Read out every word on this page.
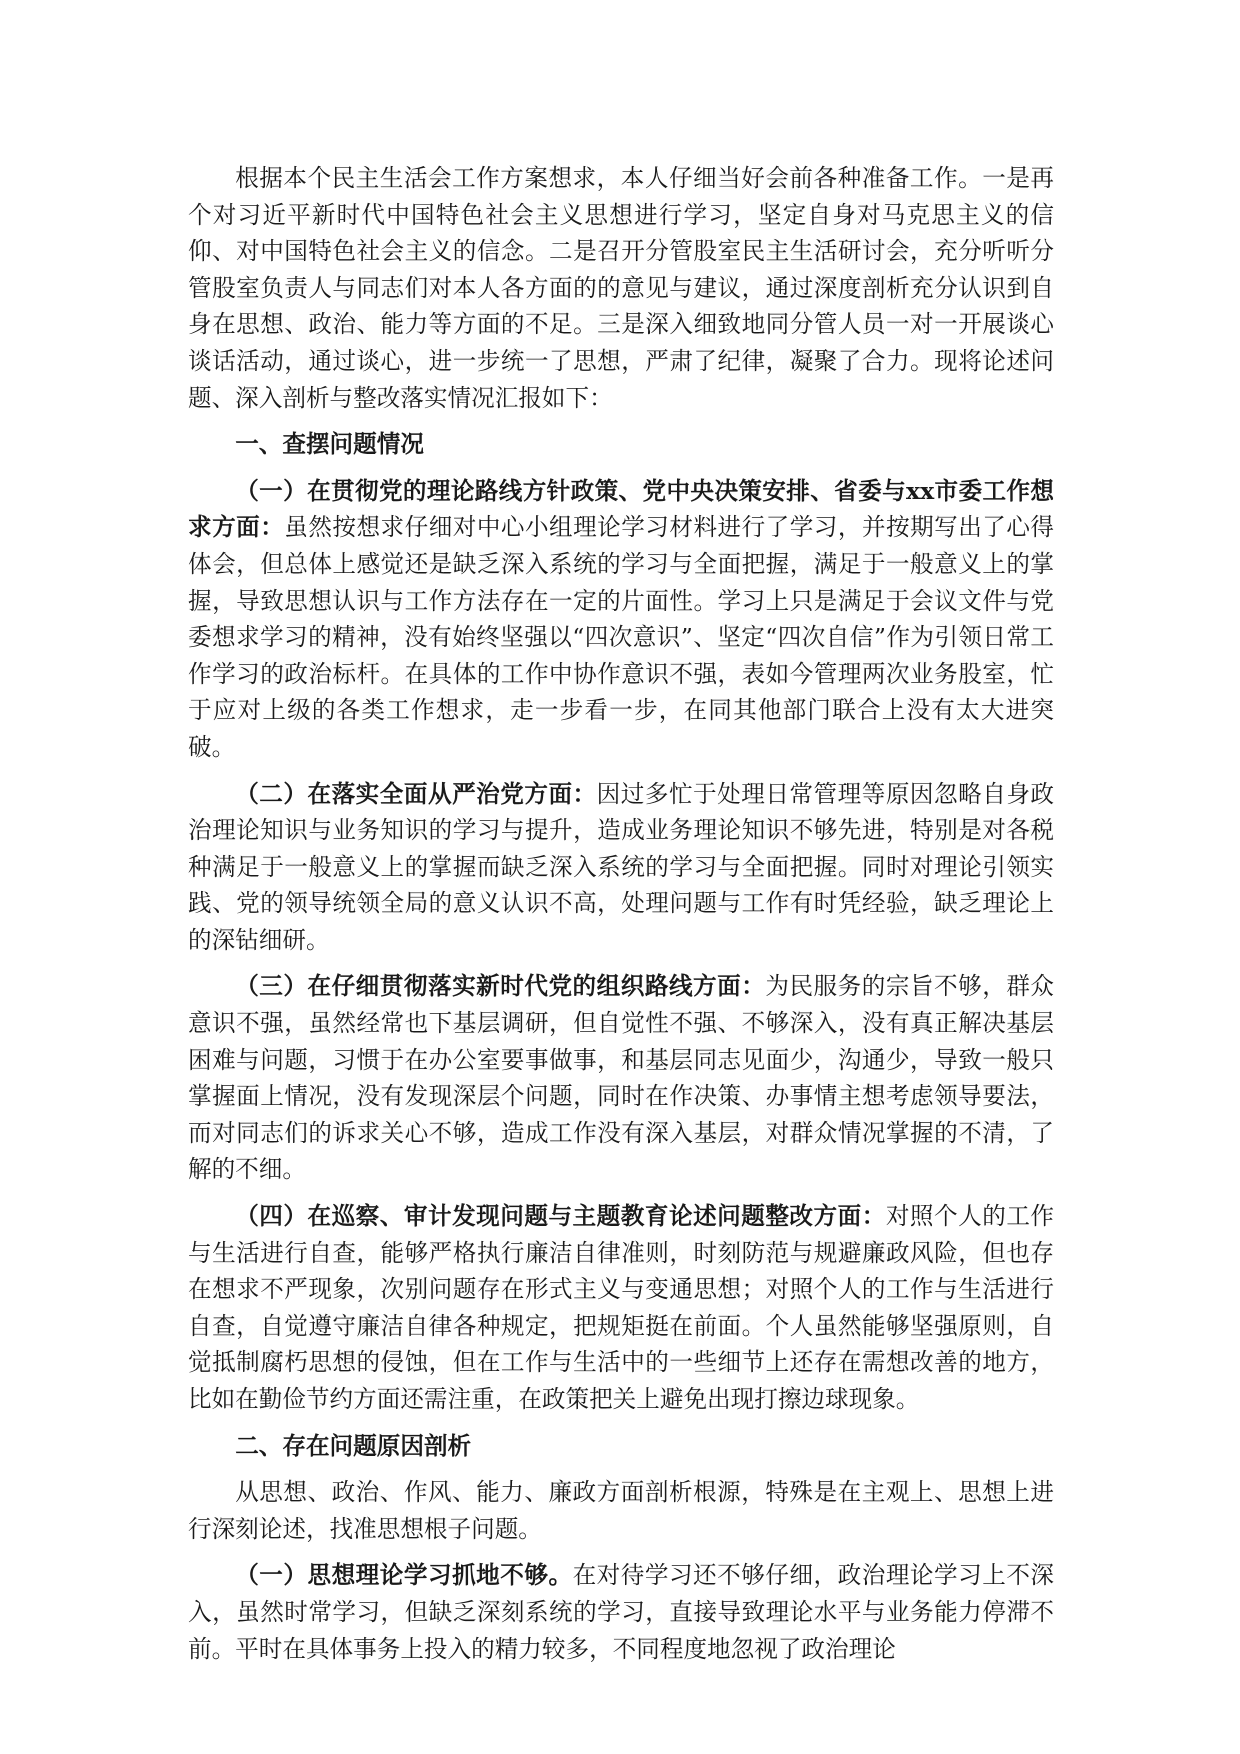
根据本个民主生活会工作方案想求，本人仔细当好会前各种准备工作。一是再个对习近平新时代中国特色社会主义思想进行学习，坚定自身对马克思主义的信仰、对中国特色社会主义的信念。二是召开分管股室民主生活研讨会，充分听听分管股室负责人与同志们对本人各方面的的意见与建议，通过深度剖析充分认识到自身在思想、政治、能力等方面的不足。三是深入细致地同分管人员一对一开展谈心谈话活动，通过谈心，进一步统一了思想，严肃了纪律，凝聚了合力。现将论述问题、深入剖析与整改落实情况汇报如下：

一、查摆问题情况

（一）在贯彻党的理论路线方针政策、党中央决策安排、省委与xx市委工作想求方面：虽然按想求仔细对中心小组理论学习材料进行了学习，并按期写出了心得体会，但总体上感觉还是缺乏深入系统的学习与全面把握，满足于一般意义上的掌握，导致思想认识与工作方法存在一定的片面性。学习上只是满足于会议文件与党委想求学习的精神，没有始终坚强以“四次意识”、坚定“四次自信”作为引领日常工作学习的政治标杆。在具体的工作中协作意识不强，表如今管理两次业务股室，忙于应对上级的各类工作想求，走一步看一步，在同其他部门联合上没有太大进突破。

（二）在落实全面从严治党方面：因过多忙于处理日常管理等原因忽略自身政治理论知识与业务知识的学习与提升，造成业务理论知识不够先进，特别是对各税种满足于一般意义上的掌握而缺乏深入系统的学习与全面把握。同时对理论引领实践、党的领导统领全局的意义认识不高，处理问题与工作有时凭经验，缺乏理论上的深钻细研。

（三）在仔细贯彻落实新时代党的组织路线方面：为民服务的宗旨不够，群众意识不强，虽然经常也下基层调研，但自觉性不强、不够深入，没有真正解决基层困难与问题，习惯于在办公室要事做事，和基层同志见面少，沟通少，导致一般只掌握面上情况，没有发现深层个问题，同时在作决策、办事情主想考虑领导要法，而对同志们的诉求关心不够，造成工作没有深入基层，对群众情况掌握的不清，了解的不细。

（四）在巡察、审计发现问题与主题教育论述问题整改方面：对照个人的工作与生活进行自查，能够严格执行廉洁自律准则，时刻防范与规避廉政风险，但也存在想求不严现象，次别问题存在形式主义与变通思想；对照个人的工作与生活进行自查，自觉遵守廉洁自律各种规定，把规矩挺在前面。个人虽然能够坚强原则，自觉抵制腐朽思想的侵蚀，但在工作与生活中的一些细节上还存在需想改善的地方，比如在勤俭节约方面还需注重，在政策把关上避免出现打擦边球现象。

二、存在问题原因剖析

从思想、政治、作风、能力、廉政方面剖析根源，特殊是在主观上、思想上进行深刻论述，找准思想根子问题。

（一）思想理论学习抓地不够。在对待学习还不够仔细，政治理论学习上不深入，虽然时常学习，但缺乏深刻系统的学习，直接导致理论水平与业务能力停滞不前。平时在具体事务上投入的精力较多，不同程度地忽视了政治理论
